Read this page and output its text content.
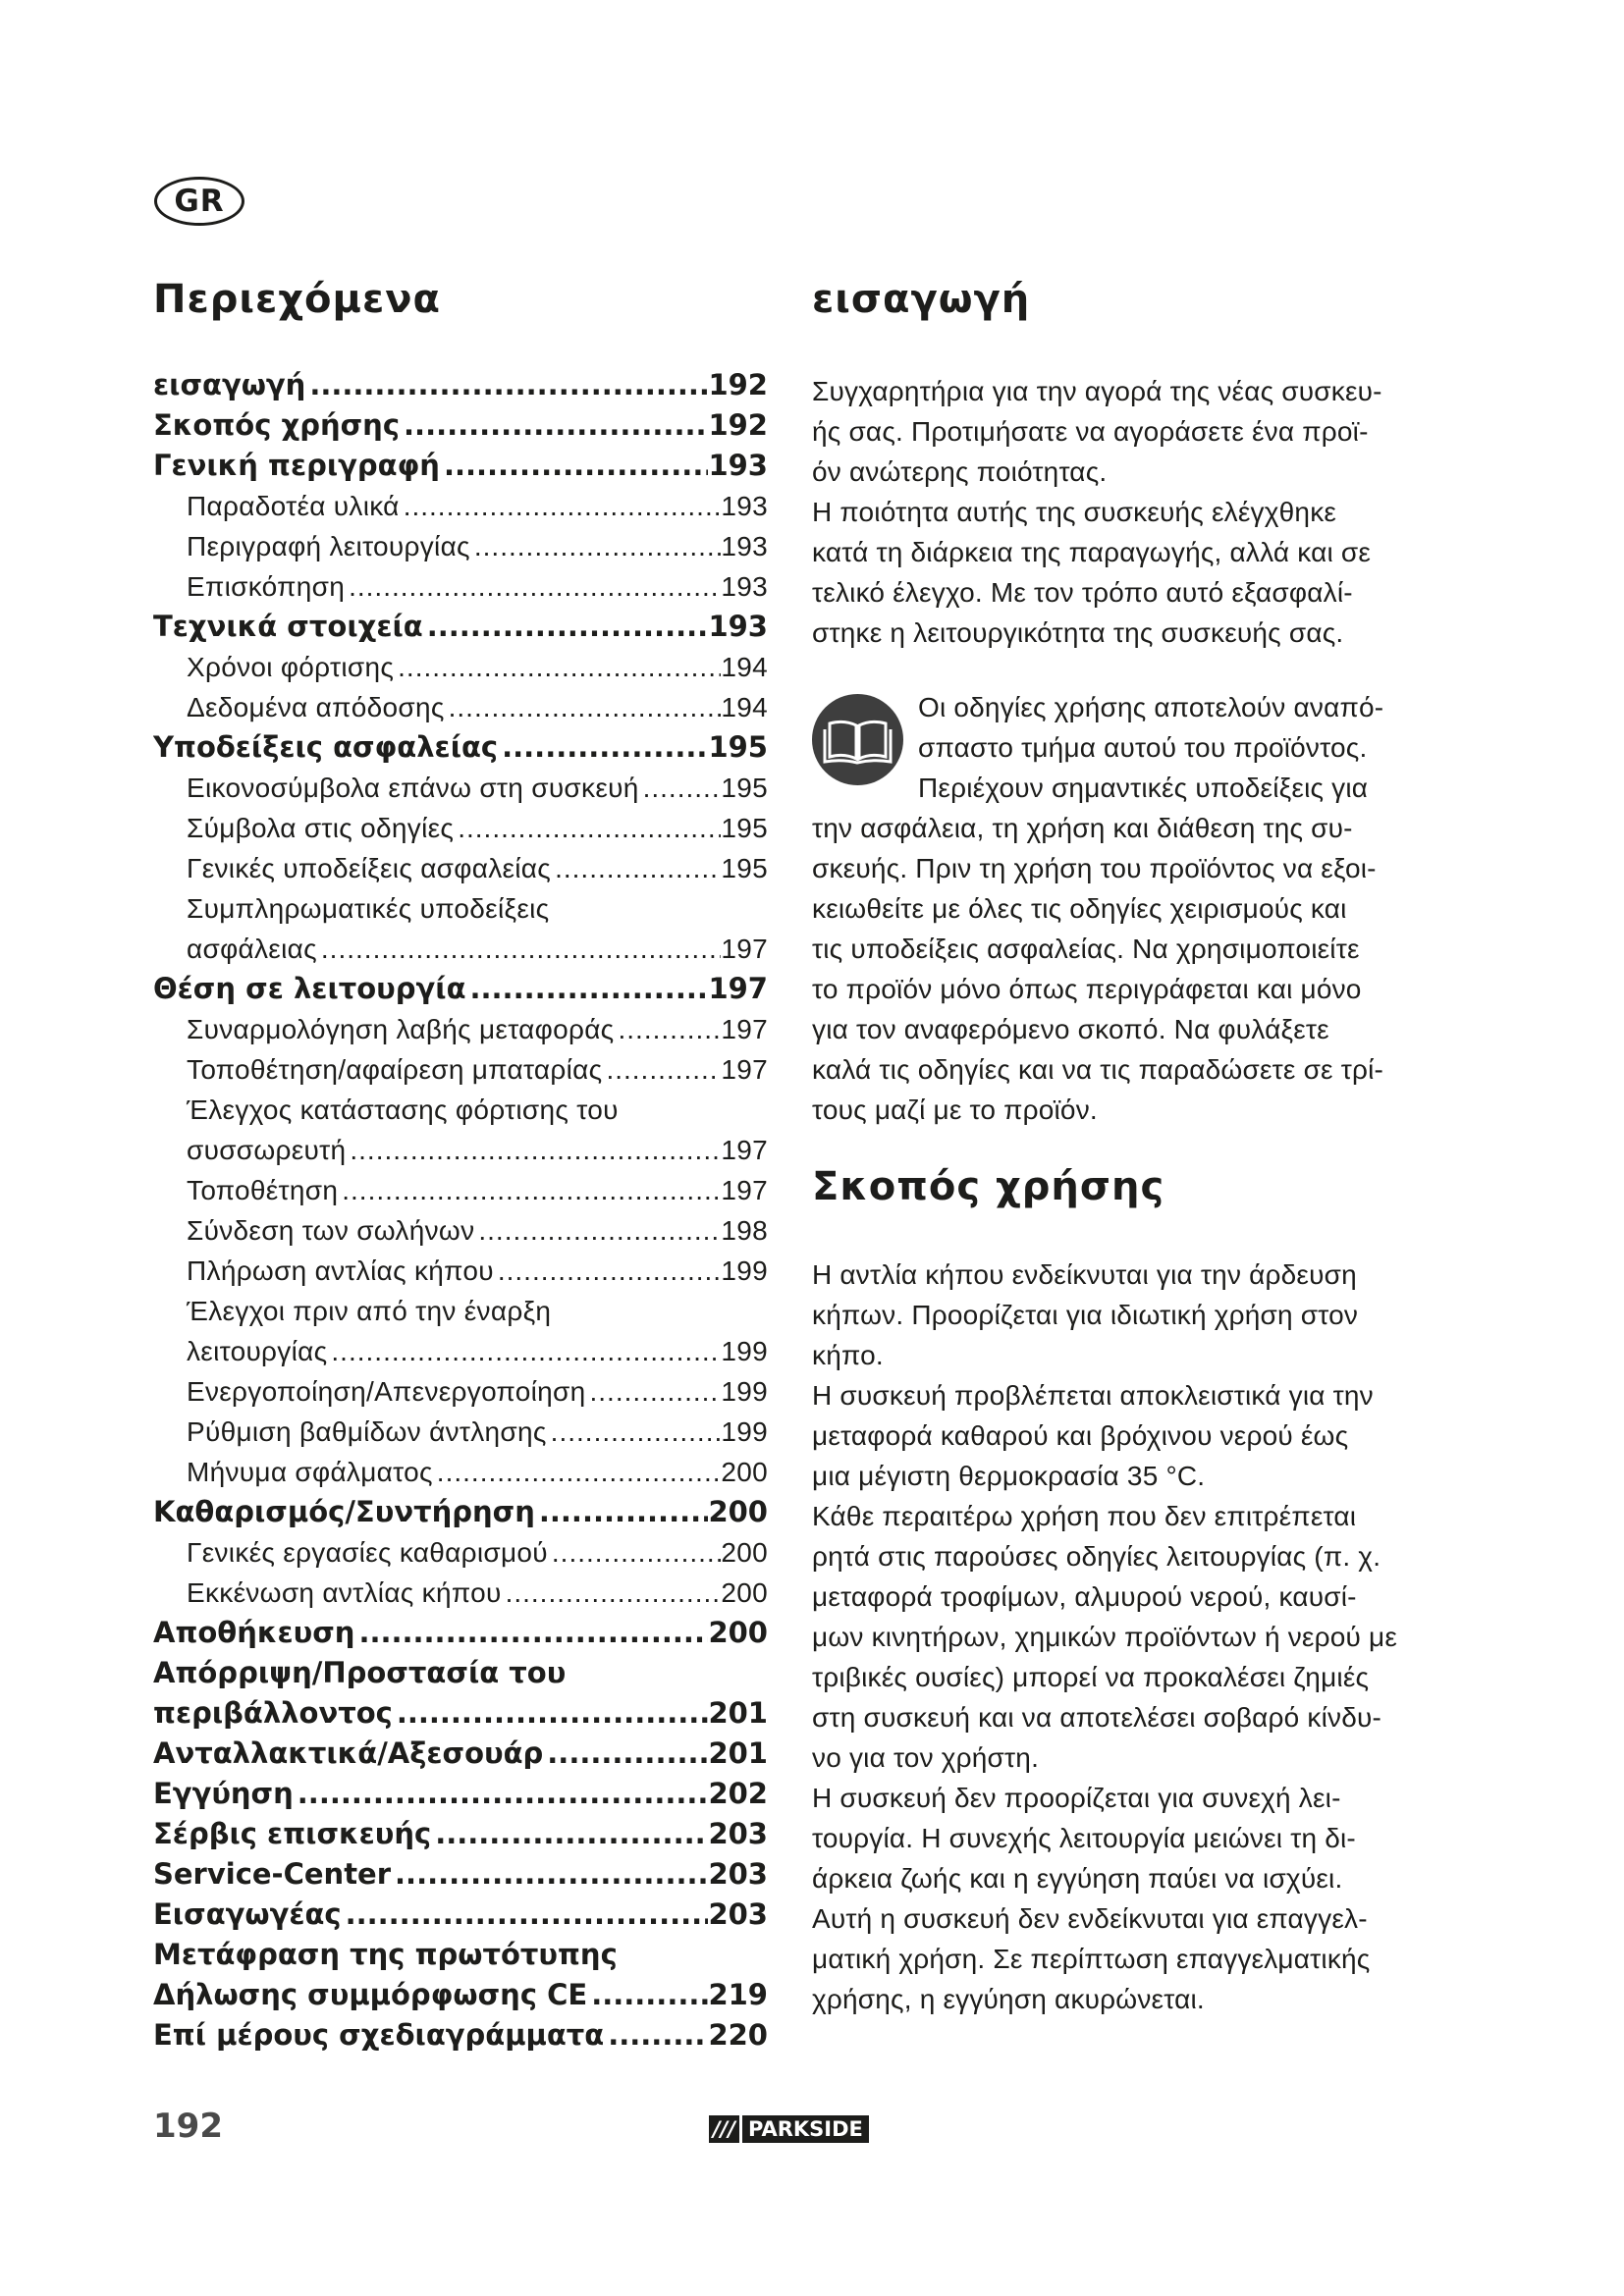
GR
Περιεχόμενα
εισαγωγή .....	192
Σκοπός χρήσης .....	192
Γενική περιγραφή .....	193
Παραδοτέα υλικά .....	193
Περιγραφή λειτουργίας .....	193
Επισκόπηση .....	193
Τεχνικά στοιχεία .....	193
Χρόνοι φόρτισης .....	194
Δεδομένα απόδοσης .....	194
Υποδείξεις ασφαλείας .....	195
Εικονοσύμβολα επάνω στη συσκευή .....	195
Σύμβολα στις οδηγίες .....	195
Γενικές υποδείξεις ασφαλείας .....	195
Συμπληρωματικές υποδείξεις
ασφάλειας .....	197
Θέση σε λειτουργία .....	197
Συναρμολόγηση λαβής μεταφοράς .....	197
Τοποθέτηση/αφαίρεση μπαταρίας .....	197
Έλεγχος κατάστασης φόρτισης του
συσσωρευτή .....	197
Τοποθέτηση .....	197
Σύνδεση των σωλήνων .....	198
Πλήρωση αντλίας κήπου .....	199
Έλεγχοι πριν από την έναρξη
λειτουργίας .....	199
Ενεργοποίηση/Απενεργοποίηση .....	199
Ρύθμιση βαθμίδων άντλησης .....	199
Μήνυμα σφάλματος .....	200
Καθαρισμός/Συντήρηση .....	200
Γενικές εργασίες καθαρισμού .....	200
Εκκένωση αντλίας κήπου .....	200
Αποθήκευση .....	200
Απόρριψη/Προστασία του
περιβάλλοντος .....	201
Ανταλλακτικά/Αξεσουάρ .....	201
Εγγύηση .....	202
Σέρβις επισκευής .....	203
Service-Center .....	203
Εισαγωγέας .....	203
Μετάφραση της πρωτότυπης
Δήλωσης συμμόρφωσης CE .....	219
Επί μέρους σχεδιαγράμματα .....	220
εισαγωγή
Συγχαρητήρια για την αγορά της νέας συσκευ-
ής σας. Προτιμήσατε να αγοράσετε ένα προϊ-
όν ανώτερης ποιότητας.
Η ποιότητα αυτής της συσκευής ελέγχθηκε
κατά τη διάρκεια της παραγωγής, αλλά και σε
τελικό έλεγχο. Με τον τρόπο αυτό εξασφαλί-
στηκε η λειτουργικότητα της συσκευής σας.
Οι οδηγίες χρήσης αποτελούν αναπό-
σπαστο τμήμα αυτού του προϊόντος.
Περιέχουν σημαντικές υποδείξεις για
την ασφάλεια, τη χρήση και διάθεση της συ-
σκευής. Πριν τη χρήση του προϊόντος να εξοι-
κειωθείτε με όλες τις οδηγίες χειρισμούς και
τις υποδείξεις ασφαλείας. Να χρησιμοποιείτε
το προϊόν μόνο όπως περιγράφεται και μόνο
για τον αναφερόμενο σκοπό. Να φυλάξετε
καλά τις οδηγίες και να τις παραδώσετε σε τρί-
τους μαζί με το προϊόν.
Σκοπός χρήσης
Η αντλία κήπου ενδείκνυται για την άρδευση
κήπων. Προορίζεται για ιδιωτική χρήση στον
κήπο.
Η συσκευή προβλέπεται αποκλειστικά για την
μεταφορά καθαρού και βρόχινου νερού έως
μια μέγιστη θερμοκρασία 35 °C.
Κάθε περαιτέρω χρήση που δεν επιτρέπεται
ρητά στις παρούσες οδηγίες λειτουργίας (π. χ.
μεταφορά τροφίμων, αλμυρού νερού, καυσί-
μων κινητήρων, χημικών προϊόντων ή νερού με
τριβικές ουσίες) μπορεί να προκαλέσει ζημιές
στη συσκευή και να αποτελέσει σοβαρό κίνδυ-
νο για τον χρήστη.
Η συσκευή δεν προορίζεται για συνεχή λει-
τουργία. Η συνεχής λειτουργία μειώνει τη δι-
άρκεια ζωής και η εγγύηση παύει να ισχύει.
Αυτή η συσκευή δεν ενδείκνυται για επαγγελ-
ματική χρήση. Σε περίπτωση επαγγελματικής
χρήσης, η εγγύηση ακυρώνεται.
192	/// PARKSIDE
